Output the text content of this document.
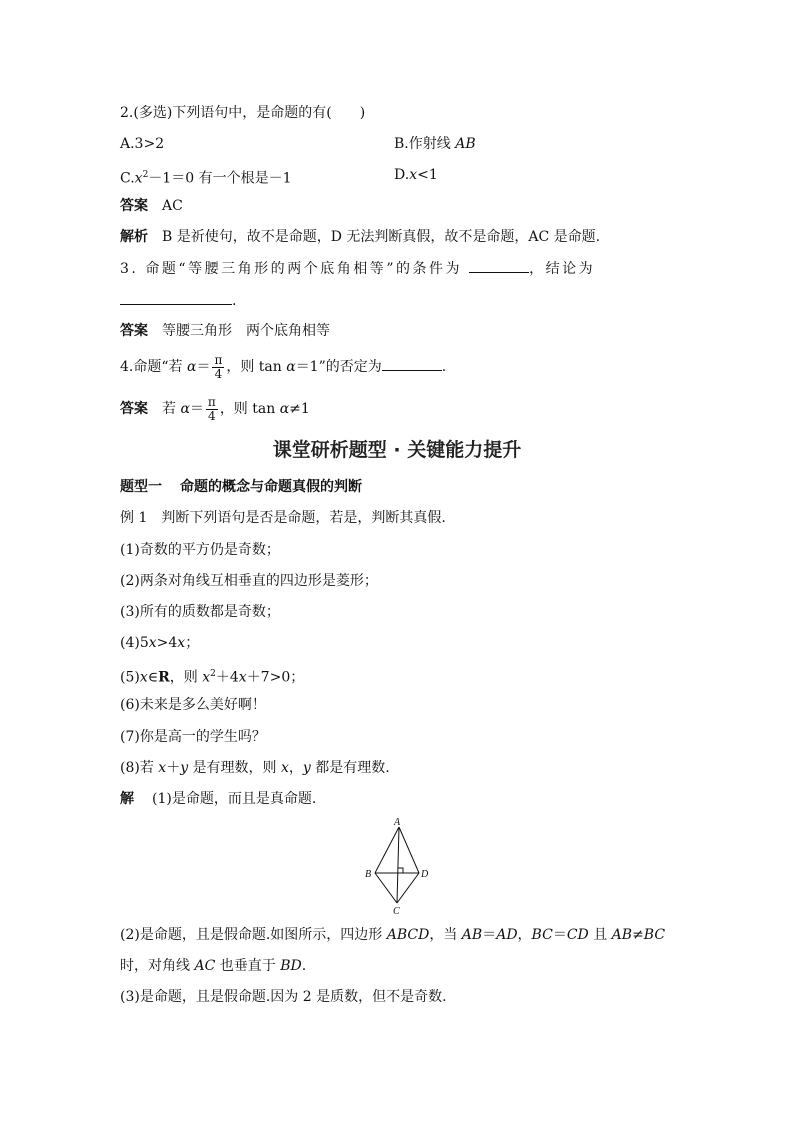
2.(多选)下列语句中，是命题的有(　　)
A.3>2	B.作射线 AB
$C.x^2-1=0$ 有一个根是－1	D.x<1
答案 AC
解析 B 是祈使句，故不是命题，D 无法判断真假，故不是命题，AC 是命题.
3. 命题“等腰三角形的两个底角相等”的条件为	，结论为
.
答案 等腰三角形　两个底角相等
4.命题“若 $\alpha= \frac{\pi}{4}$ ，则 tan α＝1”的否定为	.
答案 若 $\alpha= \frac{\pi}{4}$ ，则 tan α≠1
课堂研析题型 · 关键能力提升
题型一 命题的概念与命题真假的判断
例 1　判断下列语句是否是命题，若是，判断其真假.
(1)奇数的平方仍是奇数；
(2)两条对角线互相垂直的四边形是菱形；
(3)所有的质数都是奇数；
(4)5x>4x；
(5)x∈R，则 $x^2+4x+7>0$；
(6)未来是多么美好啊！
(7)你是高一的学生吗？
(8)若 x＋y 是有理数，则 x，y 都是有理数.
解 (1)是命题，而且是真命题.
A
B	D
C
(2)是命题，且是假命题.如图所示，四边形 ABCD，当 AB＝AD，BC＝CD 且 AB≠BC
时，对角线 AC 也垂直于 BD.
(3)是命题，且是假命题.因为 2 是质数，但不是奇数.
